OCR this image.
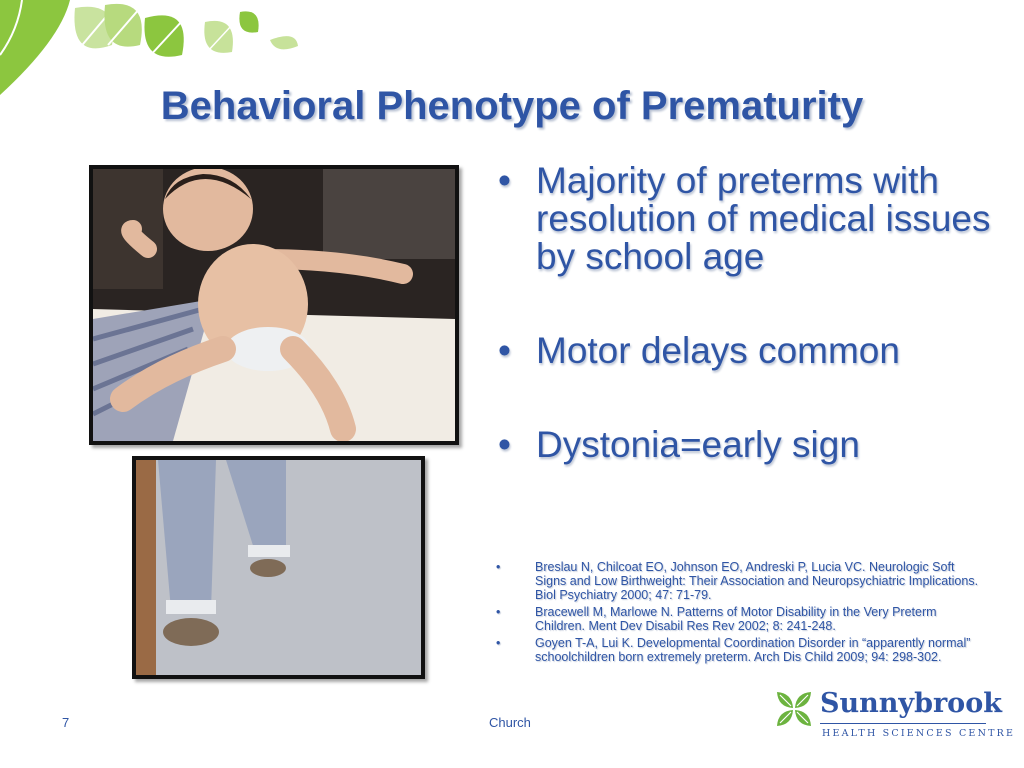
Behavioral Phenotype of Prematurity
• Majority of preterms with resolution of medical issues by school age
• Motor delays common
• Dystonia=early sign
• Breslau N, Chilcoat EO, Johnson EO, Andreski P, Lucia VC. Neurologic Soft Signs and Low Birthweight: Their Association and Neuropsychiatric Implications. Biol Psychiatry 2000; 47: 71-79.
• Bracewell M, Marlowe N. Patterns of Motor Disability in the Very Preterm Children. Ment Dev Disabil Res Rev 2002; 8: 241-248.
• Goyen T-A, Lui K. Developmental Coordination Disorder in “apparently normal” schoolchildren born extremely preterm. Arch Dis Child 2009; 94: 298-302.
7	Church
Sunnybrook
HEALTH SCIENCES CENTRE
